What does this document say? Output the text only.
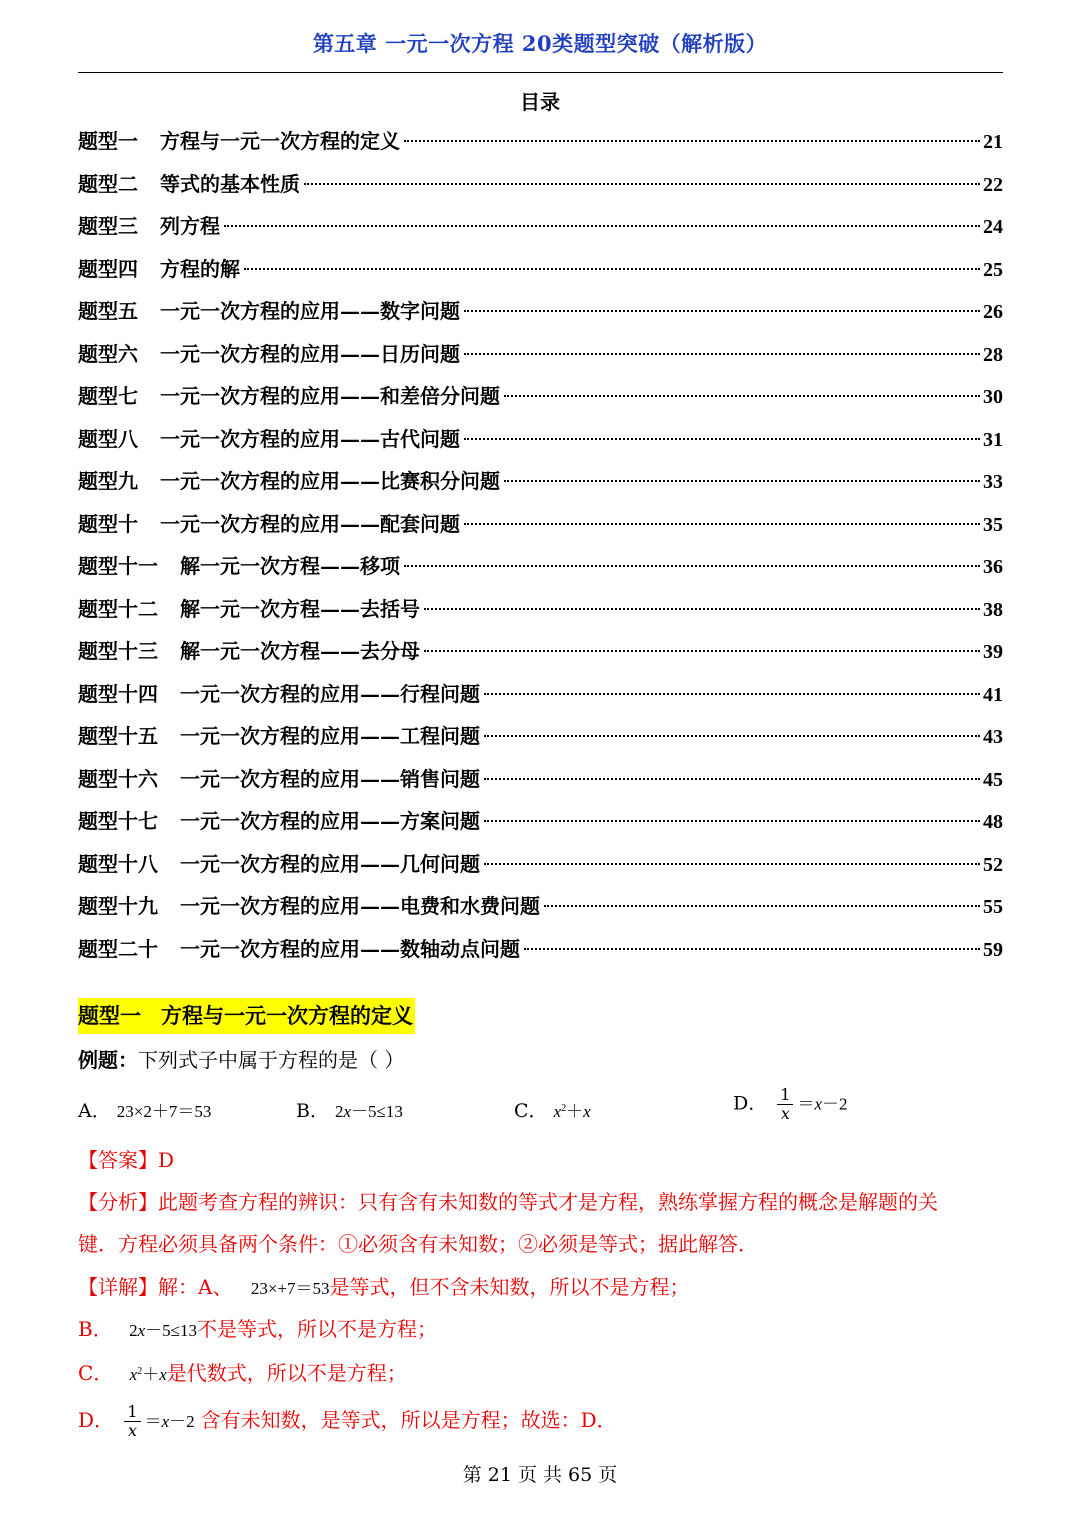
第五章 一元一次方程 20类题型突破（解析版）
目录
题型一 方程与一元一次方程的定义	21
题型二 等式的基本性质	22
题型三 列方程	24
题型四 方程的解	25
题型五 一元一次方程的应用——数字问题	26
题型六 一元一次方程的应用——日历问题	28
题型七 一元一次方程的应用——和差倍分问题	30
题型八 一元一次方程的应用——古代问题	31
题型九 一元一次方程的应用——比赛积分问题	33
题型十 一元一次方程的应用——配套问题	35
题型十一 解一元一次方程——移项	36
题型十二 解一元一次方程——去括号	38
题型十三 解一元一次方程——去分母	39
题型十四 一元一次方程的应用——行程问题	41
题型十五 一元一次方程的应用——工程问题	43
题型十六 一元一次方程的应用——销售问题	45
题型十七 一元一次方程的应用——方案问题	48
题型十八 一元一次方程的应用——几何问题	52
题型十九 一元一次方程的应用——电费和水费问题	55
题型二十 一元一次方程的应用——数轴动点问题	59
题型一 方程与一元一次方程的定义
例题：下列式子中属于方程的是（ ）
A． 23×2＋7＝53	B． 2x－5≤13	C． $x^2+x$	D． $\frac{1}{x} =x-2$
【答案】D
【分析】此题考查方程的辨识：只有含有未知数的等式才是方程，熟练掌握方程的概念是解题的关
键．方程必须具备两个条件：①必须含有未知数；②必须是等式；据此解答．
【详解】解：A、 23×+7＝53是等式，但不含未知数，所以不是方程；
B． 2x－5≤13不是等式，所以不是方程；
C． $x^2+x$是代数式，所以不是方程；
D． $\frac{1}{x} =x-2$ 含有未知数，是等式，所以是方程；故选：D．
第 21 页 共 65 页
